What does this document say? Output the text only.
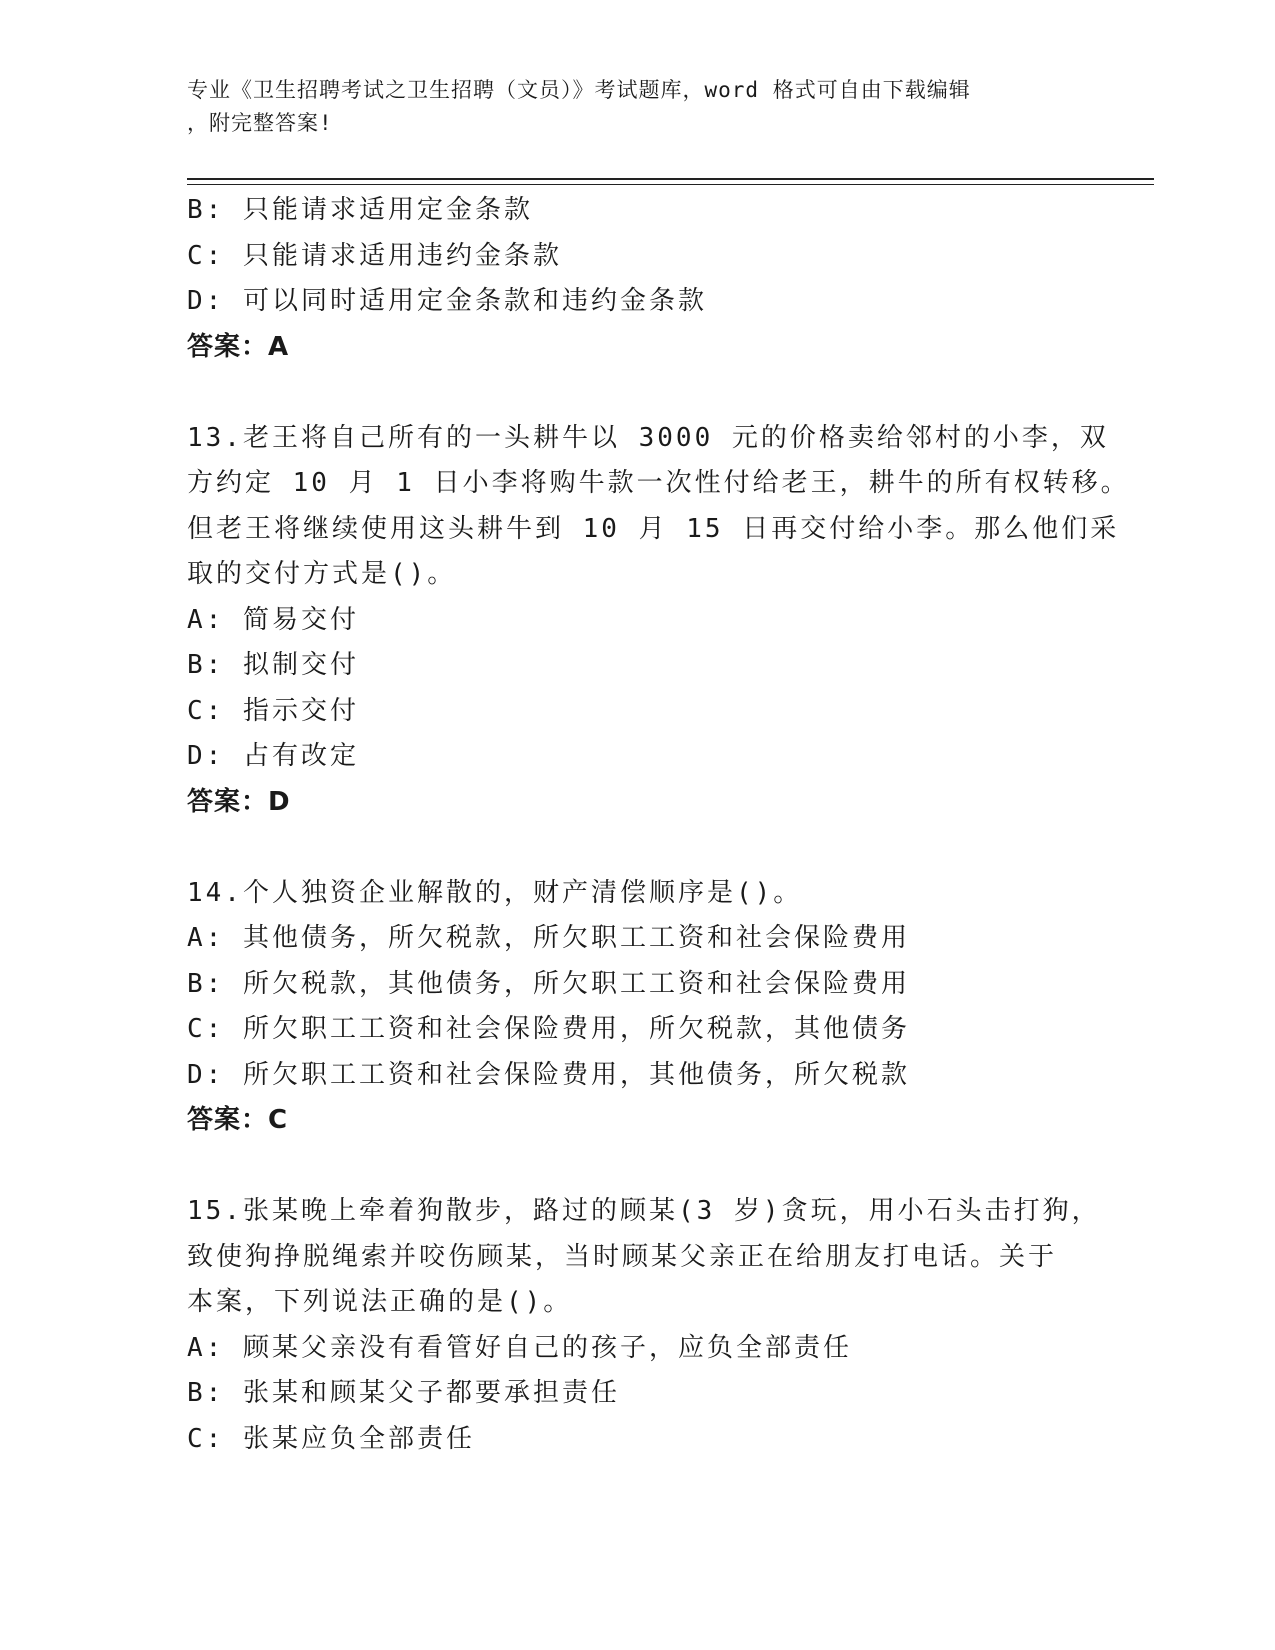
专业《卫生招聘考试之卫生招聘（文员）》考试题库，word 格式可自由下载编辑
，附完整答案!
B: 只能请求适用定金条款
C: 只能请求适用违约金条款
D: 可以同时适用定金条款和违约金条款
答案：A
13.老王将自己所有的一头耕牛以 3000 元的价格卖给邻村的小李，双
方约定 10 月 1 日小李将购牛款一次性付给老王，耕牛的所有权转移。
但老王将继续使用这头耕牛到 10 月 15 日再交付给小李。那么他们采
取的交付方式是()。
A: 简易交付
B: 拟制交付
C: 指示交付
D: 占有改定
答案：D
14.个人独资企业解散的，财产清偿顺序是()。
A: 其他债务，所欠税款，所欠职工工资和社会保险费用
B: 所欠税款，其他债务，所欠职工工资和社会保险费用
C: 所欠职工工资和社会保险费用，所欠税款，其他债务
D: 所欠职工工资和社会保险费用，其他债务，所欠税款
答案：C
15.张某晚上牵着狗散步，路过的顾某(3 岁)贪玩，用小石头击打狗，
致使狗挣脱绳索并咬伤顾某，当时顾某父亲正在给朋友打电话。关于
本案，下列说法正确的是()。
A: 顾某父亲没有看管好自己的孩子，应负全部责任
B: 张某和顾某父子都要承担责任
C: 张某应负全部责任
